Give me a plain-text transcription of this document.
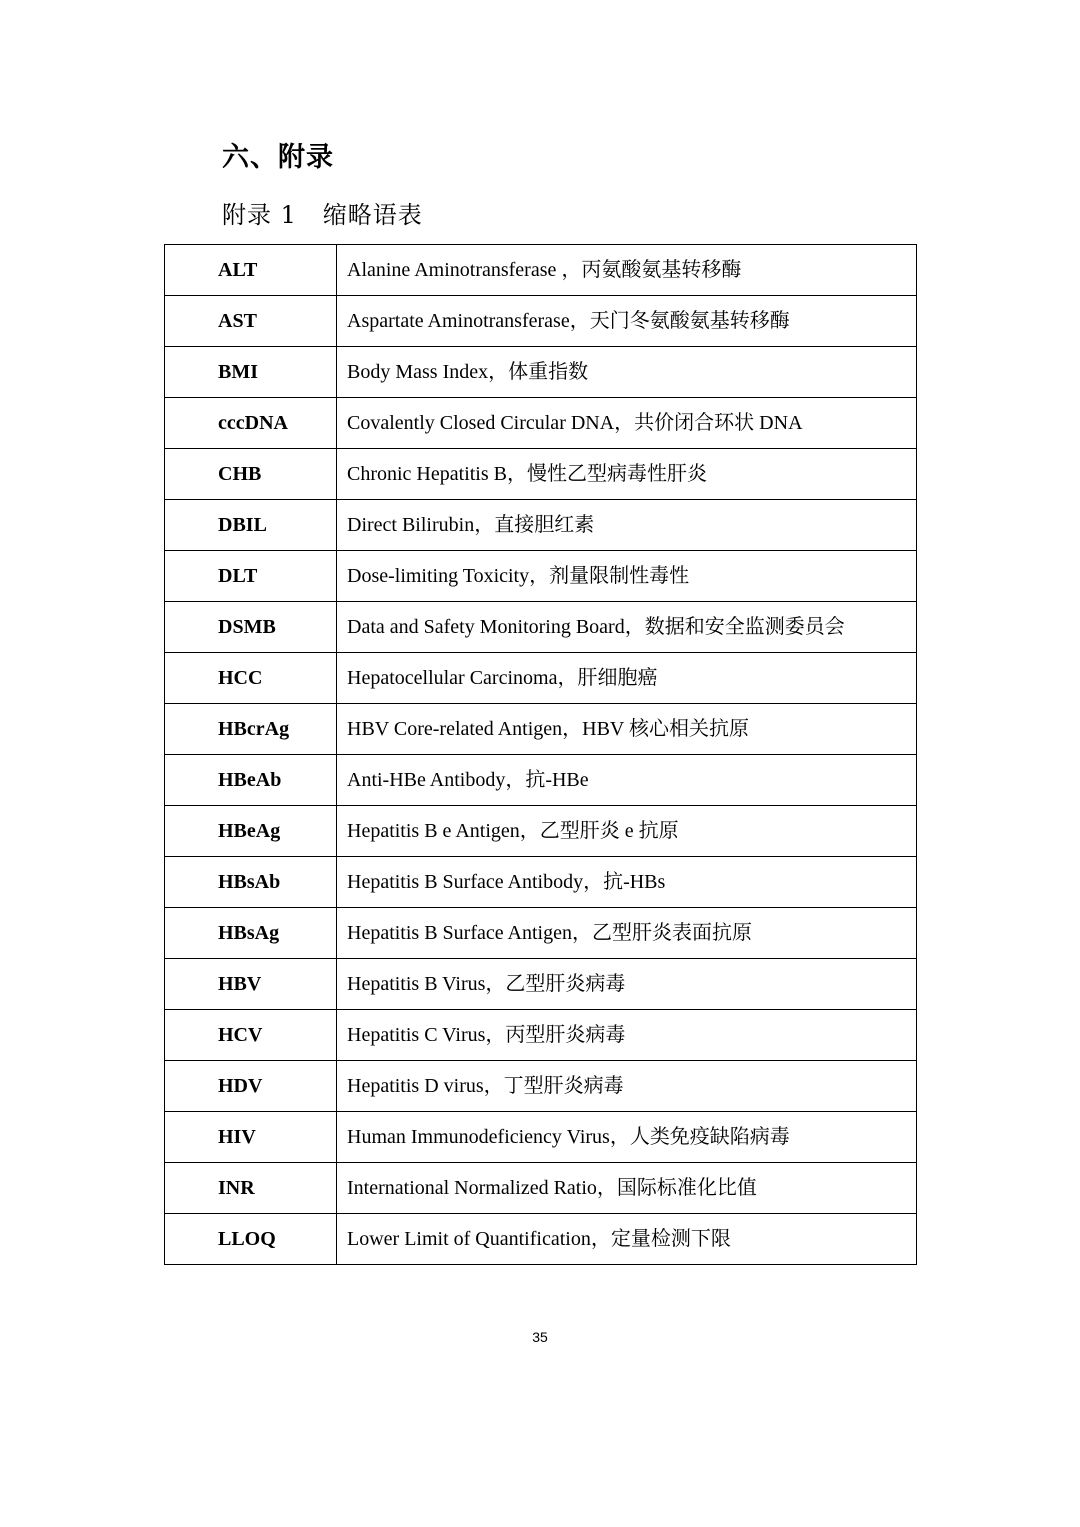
六、附录
附录 1   缩略语表
ALT	Alanine Aminotransferase ，丙氨酸氨基转移酶
AST	Aspartate Aminotransferase，天门冬氨酸氨基转移酶
BMI	Body Mass Index，体重指数
cccDNA	Covalently Closed Circular DNA，共价闭合环状 DNA
CHB	Chronic Hepatitis B，慢性乙型病毒性肝炎
DBIL	Direct Bilirubin，直接胆红素
DLT	Dose-limiting Toxicity，剂量限制性毒性
DSMB	Data and Safety Monitoring Board，数据和安全监测委员会
HCC	Hepatocellular Carcinoma，肝细胞癌
HBcrAg	HBV Core-related Antigen，HBV 核心相关抗原
HBeAb	Anti-HBe Antibody，抗-HBe
HBeAg	Hepatitis B e Antigen，乙型肝炎 e 抗原
HBsAb	Hepatitis B Surface Antibody，抗-HBs
HBsAg	Hepatitis B Surface Antigen，乙型肝炎表面抗原
HBV	Hepatitis B Virus，乙型肝炎病毒
HCV	Hepatitis C Virus，丙型肝炎病毒
HDV	Hepatitis D virus，丁型肝炎病毒
HIV	Human Immunodeficiency Virus，人类免疫缺陷病毒
INR	International Normalized Ratio，国际标准化比值
LLOQ	Lower Limit of Quantification，定量检测下限
35
